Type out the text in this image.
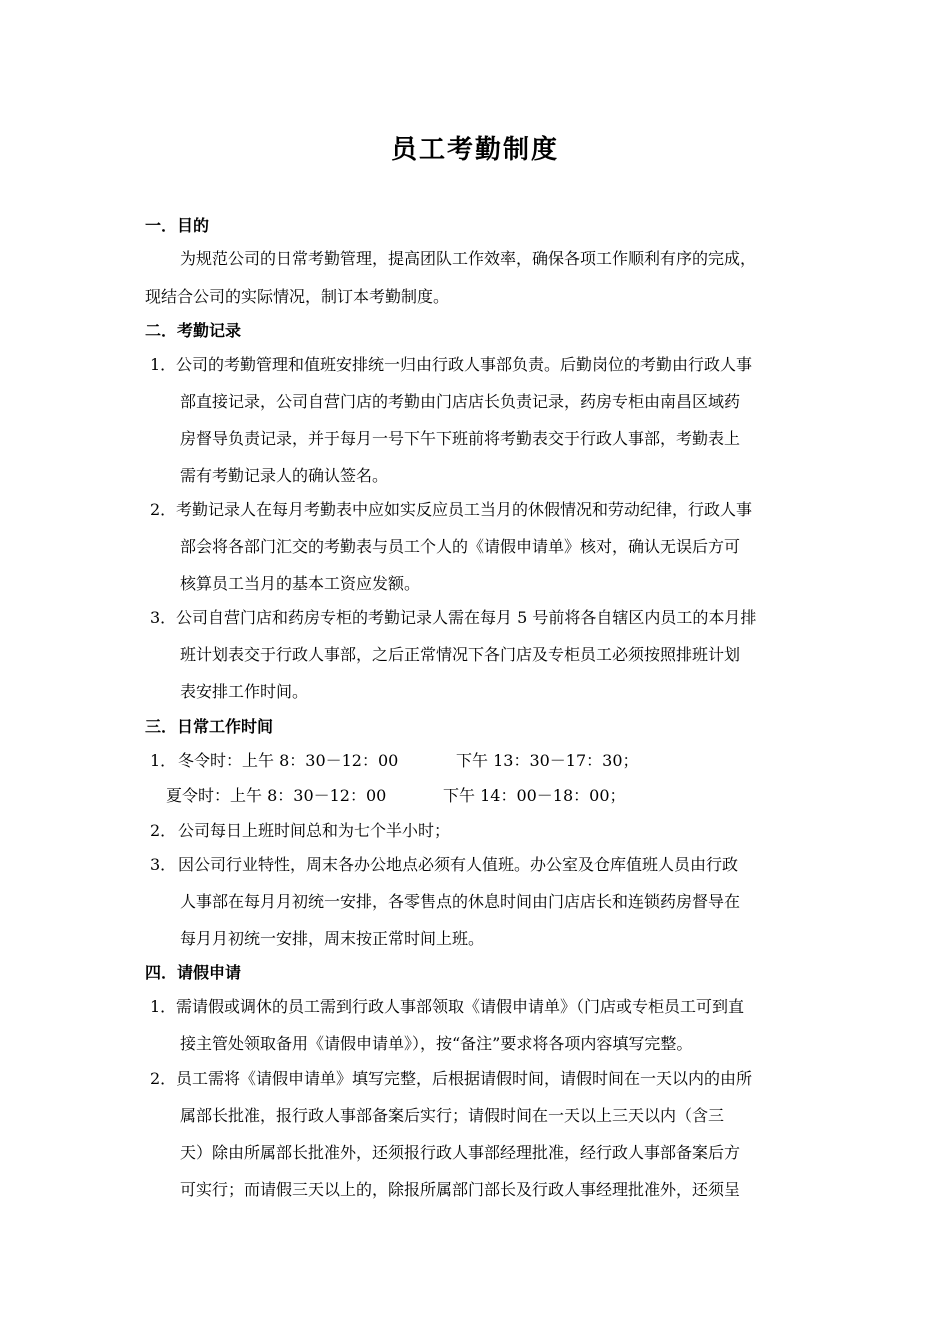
员工考勤制度
一．目的
为规范公司的日常考勤管理，提高团队工作效率，确保各项工作顺利有序的完成，
现结合公司的实际情况，制订本考勤制度。
二．考勤记录
1． 公司的考勤管理和值班安排统一归由行政人事部负责。后勤岗位的考勤由行政人事
部直接记录，公司自营门店的考勤由门店店长负责记录，药房专柜由南昌区域药
房督导负责记录，并于每月一号下午下班前将考勤表交于行政人事部，考勤表上
需有考勤记录人的确认签名。
2． 考勤记录人在每月考勤表中应如实反应员工当月的休假情况和劳动纪律，行政人事
部会将各部门汇交的考勤表与员工个人的《请假申请单》核对，确认无误后方可
核算员工当月的基本工资应发额。
3． 公司自营门店和药房专柜的考勤记录人需在每月 5 号前将各自辖区内员工的本月排
班计划表交于行政人事部，之后正常情况下各门店及专柜员工必须按照排班计划
表安排工作时间。
三．日常工作时间
1． 冬令时：上午 8：30－12：00	下午 13：30－17：30；
夏令时：上午 8：30－12：00	下午 14：00－18：00；
2． 公司每日上班时间总和为七个半小时；
3． 因公司行业特性，周末各办公地点必须有人值班。办公室及仓库值班人员由行政
人事部在每月月初统一安排，各零售点的休息时间由门店店长和连锁药房督导在
每月月初统一安排，周末按正常时间上班。
四．请假申请
1． 需请假或调休的员工需到行政人事部领取《请假申请单》（门店或专柜员工可到直
接主管处领取备用《请假申请单》），按“备注”要求将各项内容填写完整。
2． 员工需将《请假申请单》填写完整，后根据请假时间，请假时间在一天以内的由所
属部长批准，报行政人事部备案后实行；请假时间在一天以上三天以内（含三
天）除由所属部长批准外，还须报行政人事部经理批准，经行政人事部备案后方
可实行；而请假三天以上的，除报所属部门部长及行政人事经理批准外，还须呈
